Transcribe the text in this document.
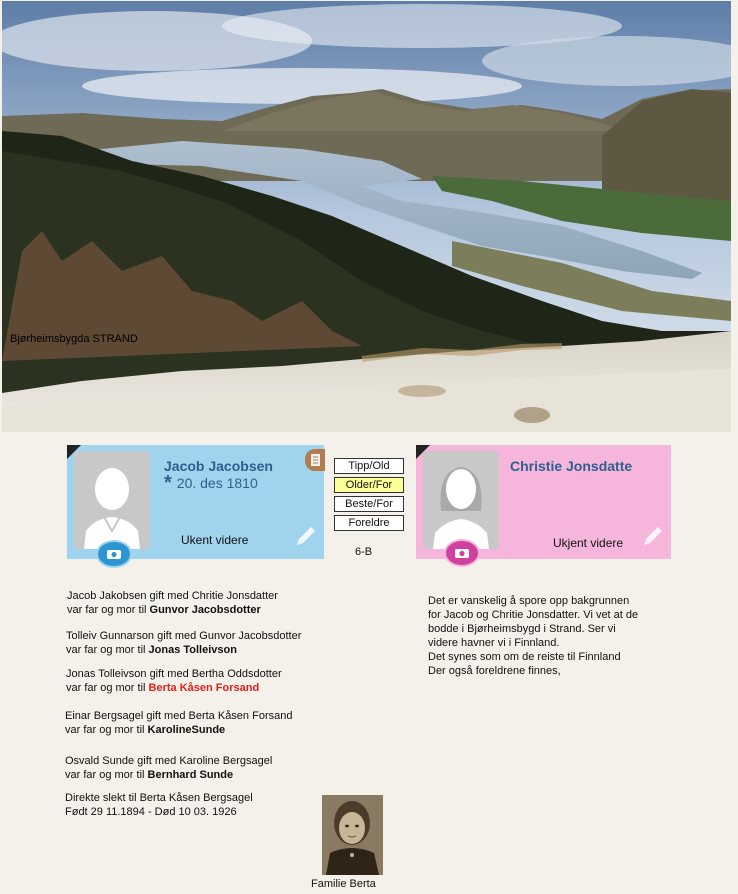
Bjørheimsbygda STRAND
Jacob Jacobsen
* 20. des 1810
Ukent videre
Tipp/Old
Older/For
Beste/For
Foreldre
6-B
Christie Jonsdatte
Ukjent videre
Jacob Jakobsen gift med Chritie Jonsdatter
var far og mor til Gunvor Jacobsdotter
Tolleiv Gunnarson gift med Gunvor Jacobsdotter
var far og mor til Jonas Tolleivson
Jonas Tolleivson gift med Bertha Oddsdotter
var far og mor til Berta Kåsen Forsand
Einar Bergsagel gift med Berta Kåsen Forsand
var far og mor til KarolineSunde
Osvald Sunde gift med Karoline Bergsagel
var far og mor til Bernhard Sunde
Direkte slekt til Berta Kåsen Bergsagel
Født 29 11.1894 - Død 10 03. 1926
Det er vanskelig å spore opp bakgrunnen
for Jacob og Chritie Jonsdatter. Vi vet at de
bodde i Bjørheimsbygd i Strand. Ser vi
videre havner vi i Finnland.
Det synes som om de reiste til Finnland
Der også foreldrene finnes,
Familie Berta
